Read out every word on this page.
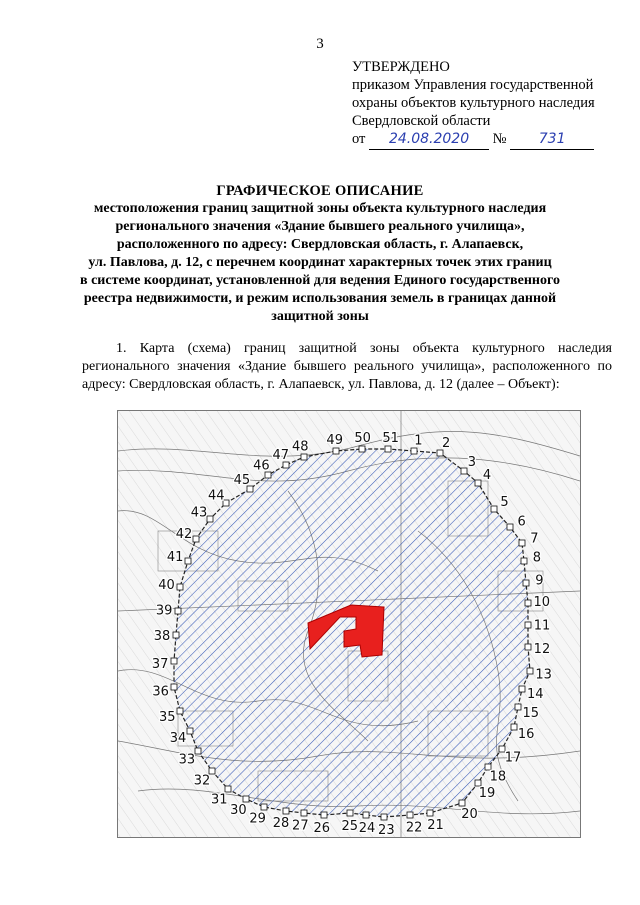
3
УТВЕРЖДЕНО
приказом Управления государственной
охраны объектов культурного наследия
Свердловской области
от 24.08.2020 № 731
ГРАФИЧЕСКОЕ ОПИСАНИЕ
местоположения границ защитной зоны объекта культурного наследия
регионального значения «Здание бывшего реального училища»,
расположенного по адресу: Свердловская область, г. Алапаевск,
ул. Павлова, д. 12, с перечнем координат характерных точек этих границ
в системе координат, установленной для ведения Единого государственного
реестра недвижимости, и режим использования земель в границах данной
защитной зоны
1. Карта (схема) границ защитной зоны объекта культурного наследия регионального значения «Здание бывшего реального училища», расположенного по адресу: Свердловская область, г. Алапаевск, ул. Павлова, д. 12 (далее – Объект):
1 2
3
4
5
6
7
8
9
10
11
12
13
14
15
16
17
18
19
20
21
22
23
24
25
26
27
28
29
30
31
32
33
34
35
36
37
38
39
40
41
42
43
44
45
46
47
48 49 50 51
